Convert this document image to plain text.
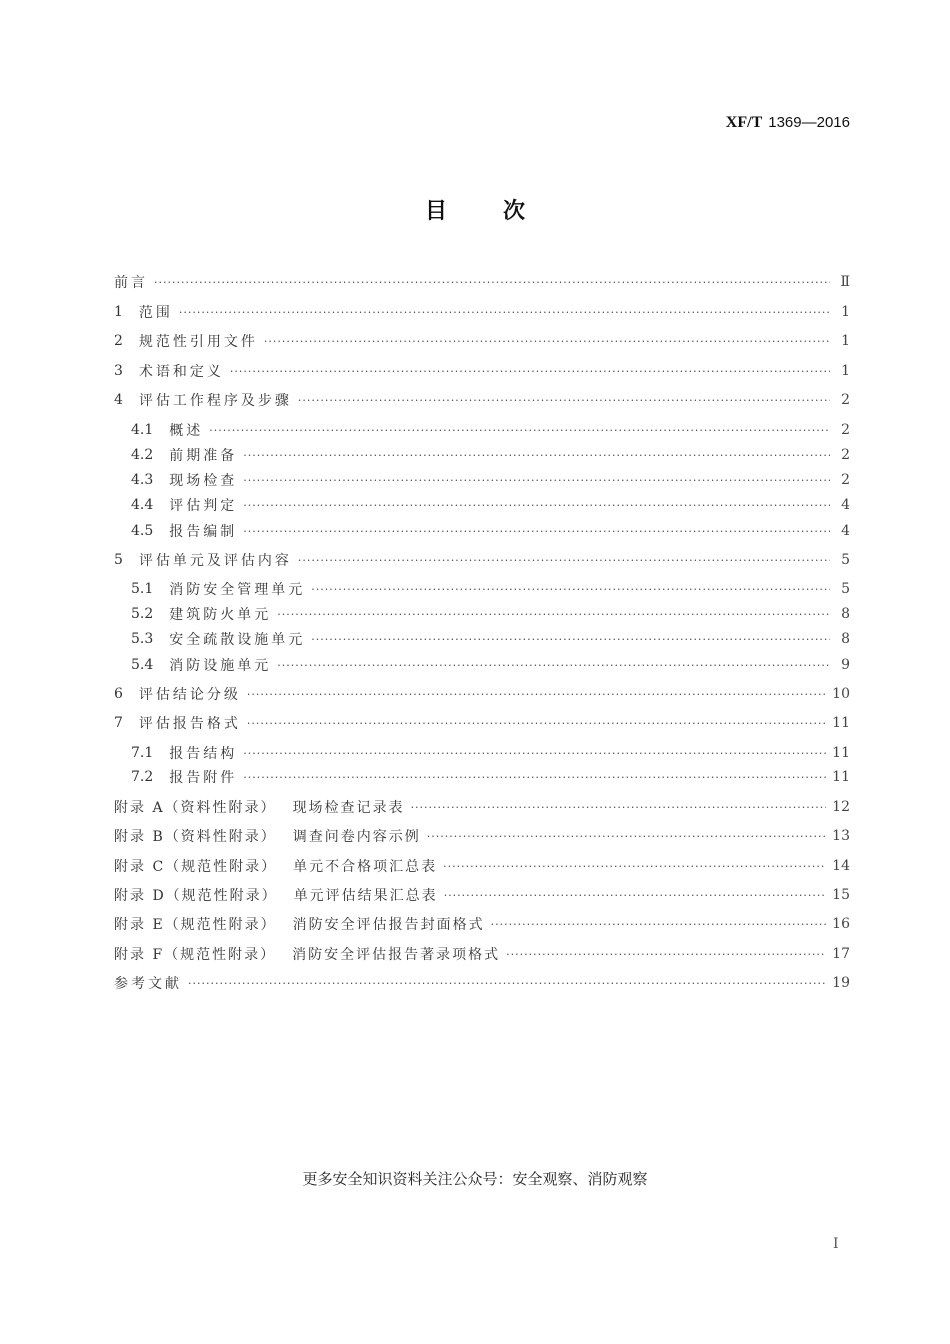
XF/T 1369—2016
目次
前言 ·····	Ⅱ
1 范围 ·····	1
2 规范性引用文件 ·····	1
3 术语和定义 ·····	1
4 评估工作程序及步骤 ·····	2
4.1 概述 ·····	2
4.2 前期准备 ·····	2
4.3 现场检查 ·····	2
4.4 评估判定 ·····	4
4.5 报告编制 ·····	4
5 评估单元及评估内容 ·····	5
5.1 消防安全管理单元 ·····	5
5.2 建筑防火单元 ·····	8
5.3 安全疏散设施单元 ·····	8
5.4 消防设施单元 ·····	9
6 评估结论分级 ·····	10
7 评估报告格式 ·····	11
7.1 报告结构 ·····	11
7.2 报告附件 ·····	11
附录 A（资料性附录） 现场检查记录表 ·····	12
附录 B（资料性附录） 调查问卷内容示例 ·····	13
附录 C（规范性附录） 单元不合格项汇总表 ·····	14
附录 D（规范性附录） 单元评估结果汇总表 ·····	15
附录 E（规范性附录） 消防安全评估报告封面格式 ·····	16
附录 F（规范性附录） 消防安全评估报告著录项格式 ·····	17
参考文献 ·····	19
更多安全知识资料关注公众号：安全观察、消防观察
Ⅰ
